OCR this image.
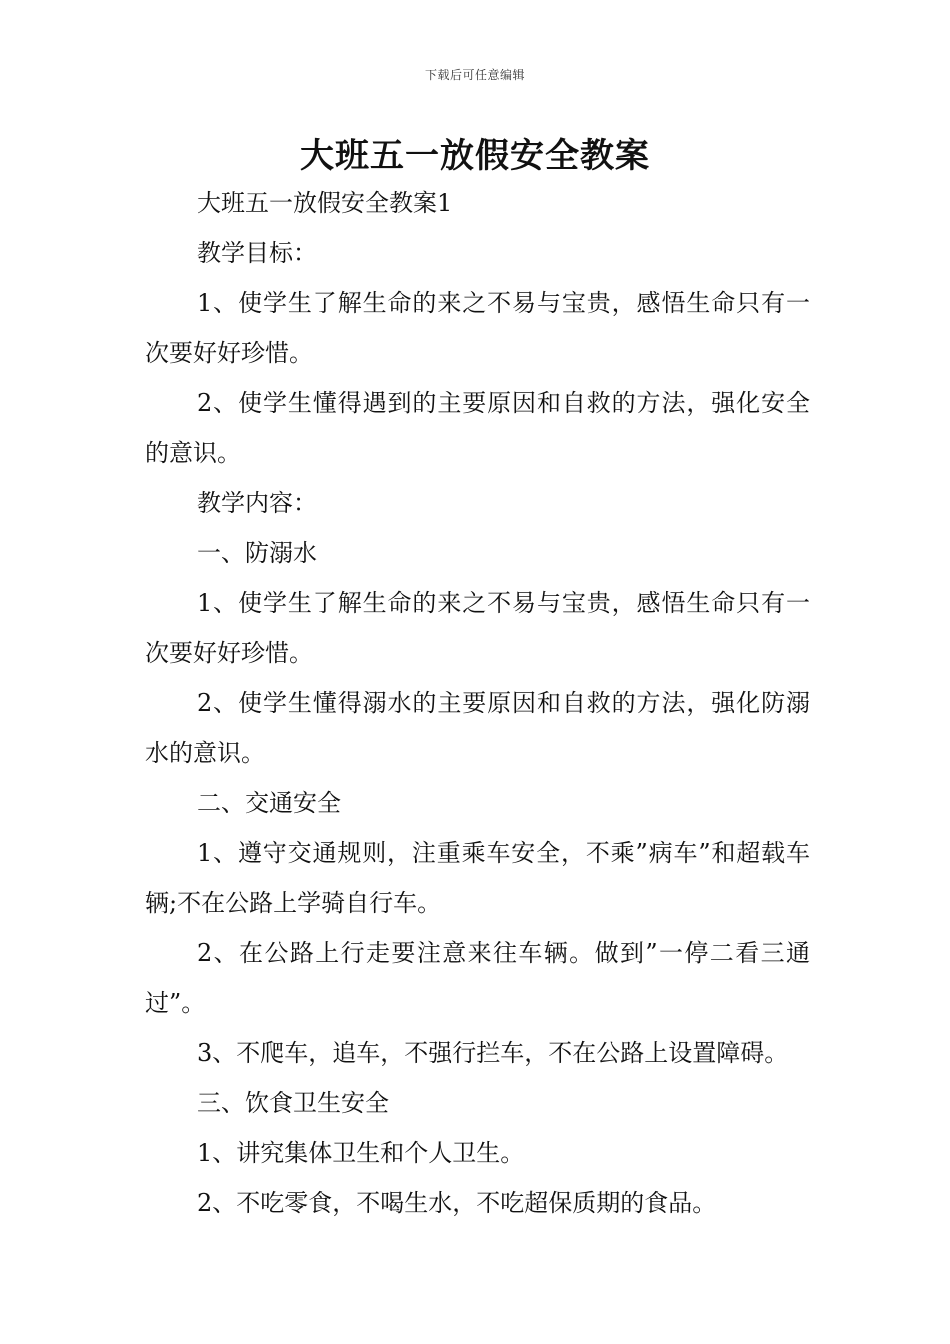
下载后可任意编辑
大班五一放假安全教案

大班五一放假安全教案1

教学目标：

1、使学生了解生命的来之不易与宝贵，感悟生命只有一次要好好珍惜。

2、使学生懂得遇到的主要原因和自救的方法，强化安全的意识。

教学内容：

一、防溺水

1、使学生了解生命的来之不易与宝贵，感悟生命只有一次要好好珍惜。

2、使学生懂得溺水的主要原因和自救的方法，强化防溺水的意识。

二、交通安全

1、遵守交通规则，注重乘车安全，不乘”病车”和超载车辆;不在公路上学骑自行车。

2、在公路上行走要注意来往车辆。做到”一停二看三通过”。

3、不爬车，追车，不强行拦车，不在公路上设置障碍。

三、饮食卫生安全

1、讲究集体卫生和个人卫生。

2、不吃零食，不喝生水，不吃超保质期的食品。
